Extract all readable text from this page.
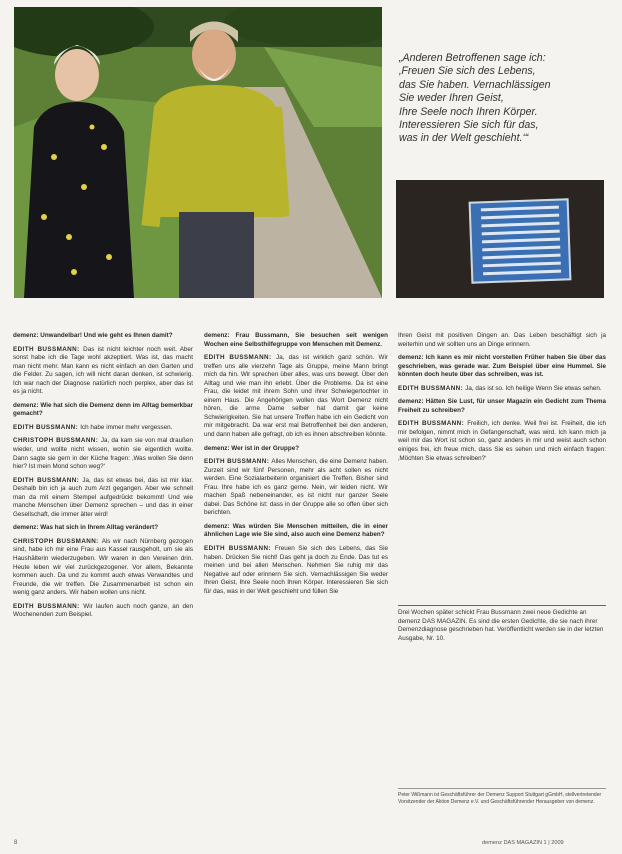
„Anderen Betroffenen sage ich:

‚Freuen Sie sich des Lebens,

das Sie haben. Vernachlässigen

Sie weder Ihren Geist,

Ihre Seele noch Ihren Körper.

Interessieren Sie sich für das,

was in der Welt geschieht.‘“

demenz: Unwandelbar! Und wie geht es Ihnen damit?

EDITH BUSSMANN: Das ist nicht leichter noch weit. Aber sonst habe ich die Tage wohl akzeptiert. Was ist, das macht man nicht mehr. Man kann es nicht einfach an den Garten und die Felder. Zu sagen, ich will nicht daran denken, ist schwierig. Ich war nach der Diagnose natürlich noch perplex, aber das ist es ja nicht.

demenz: Wie hat sich die Demenz denn im Alltag bemerkbar gemacht?

EDITH BUSSMANN: Ich habe immer mehr vergessen.

CHRISTOPH BUSSMANN: Ja, da kam sie von mal draußen wieder, und wollte nicht wissen, wohin sie eigentlich wollte. Dann sagte sie gern in der Küche fragen: ‚Was wollen Sie denn hier? Ist mein Mond schon weg?‘

EDITH BUSSMANN: Ja, das ist etwas bei, das ist mir klar. Deshalb bin ich ja auch zum Arzt gegangen. Aber wie schnell man da mit einem Stempel aufgedrückt bekommt! Und wie manche Menschen über Demenz sprechen – und das in einer Gesellschaft, die immer älter wird!

demenz: Was hat sich in Ihrem Alltag verändert?

CHRISTOPH BUSSMANN: Als wir nach Nürnberg gezogen sind, habe ich mir eine Frau aus Kassel rausgeholt, um sie als Haushälterin wiederzugeben. Wir waren in den Vereinen drin. Heute leben wir viel zurückgezogener. Vor allem, Bekannte kommen auch. Da und zu kommt auch etwas Verwandtes und Freunde, die wir treffen. Die Zusammenarbeit ist schon ein wenig ganz anders. Wir haben wollen uns nicht.

EDITH BUSSMANN: Wir laufen auch noch ganze, an den Wochenenden zum Beispiel.

demenz: Frau Bussmann, Sie besuchen seit wenigen Wochen eine Selbsthilfegruppe von Menschen mit Demenz.

EDITH BUSSMANN: Ja, das ist wirklich ganz schön. Wir treffen uns alle vierzehn Tage als Gruppe, meine Mann bringt mich da hin. Wir sprechen über alles, was uns bewegt. Über den Alltag und wie man ihn erlebt. Über die Probleme. Da ist eine Frau, die leidet mit ihrem Sohn und ihrer Schwiegertochter in einem Haus. Die Angehörigen wollen das Wort Demenz nicht hören, die arme Dame selber hat damit gar keine Schwierigkeiten. Sie hat unsere Treffen habe ich ein Gedicht von mir mitgebracht. Da war erst mal Betroffenheit bei den anderen, und dann haben alle gefragt, ob ich es ihnen abschreiben könnte.

demenz: Wer ist in der Gruppe?

EDITH BUSSMANN: Alles Menschen, die eine Demenz haben. Zurzeit sind wir fünf Personen, mehr als acht sollen es nicht werden. Eine Sozialarbeiterin organisiert die Treffen. Bisher sind Frau. Ihre habe ich es ganz gerne. Nein, wir leiden nicht. Wir machen Spaß nebeneinander, es ist nicht nur ganzer Seele dabei. Das Schöne ist: dass in der Gruppe alle so offen über sich berichten.

demenz: Was würden Sie Menschen mitteilen, die in einer ähnlichen Lage wie Sie sind, also auch eine Demenz haben?

EDITH BUSSMANN: Freuen Sie sich des Lebens, das Sie haben. Drücken Sie nicht! Das geht ja doch zu Ende. Das tut es meinen und bei allen Menschen. Nehmen Sie ruhig mir das Negative auf oder erinnern Sie sich. Vernachlässigen Sie weder Ihren Geist, Ihre Seele noch Ihren Körper. Interessieren Sie sich für das, was in der Welt geschieht und füllen Sie

Ihren Geist mit positiven Dingen an. Das Leben beschäftigt sich ja weiterhin und wir sollten uns an Dinge erinnern.

demenz: Ich kann es mir nicht vorstellen Früher haben Sie über das geschrieben, was gerade war. Zum Beispiel über eine Hummel. Sie könnten doch heute über das schreiben, was ist.

EDITH BUSSMANN: Ja, das ist so. Ich heilige Wenn Sie etwas sehen.

demenz: Hätten Sie Lust, für unser Magazin ein Gedicht zum Thema Freiheit zu schreiben?

EDITH BUSSMANN: Freilich, ich denke. Weil frei ist. Freiheit, die ich mir befolgen, nimmt mich in Gefangenschaft, was wird. Ich kann mich ja weil mir das Wort ist schon so, ganz anders in mir und weist auch schon einiges frei, ich freue mich, dass Sie es sehen und mich einfach fragen: ‚Möchten Sie etwas schreiben?‘

Drei Wochen später schickt Frau Bussmann zwei neue Gedichte an demenz DAS MAGAZIN. Es sind die ersten Gedichte, die sie nach ihrer Demenzdiagnose geschrieben hat. Veröffentlicht werden sie in der letzten Ausgabe, Nr. 10.
Peter Wißmann ist Geschäftsführer der Demenz Support Stuttgart gGmbH, stellvertretender Vorsitzender der Aktion Demenz e.V. und Geschäftsführender Herausgeber von demenz.
8	demenz DAS MAGAZIN 1 | 2009
